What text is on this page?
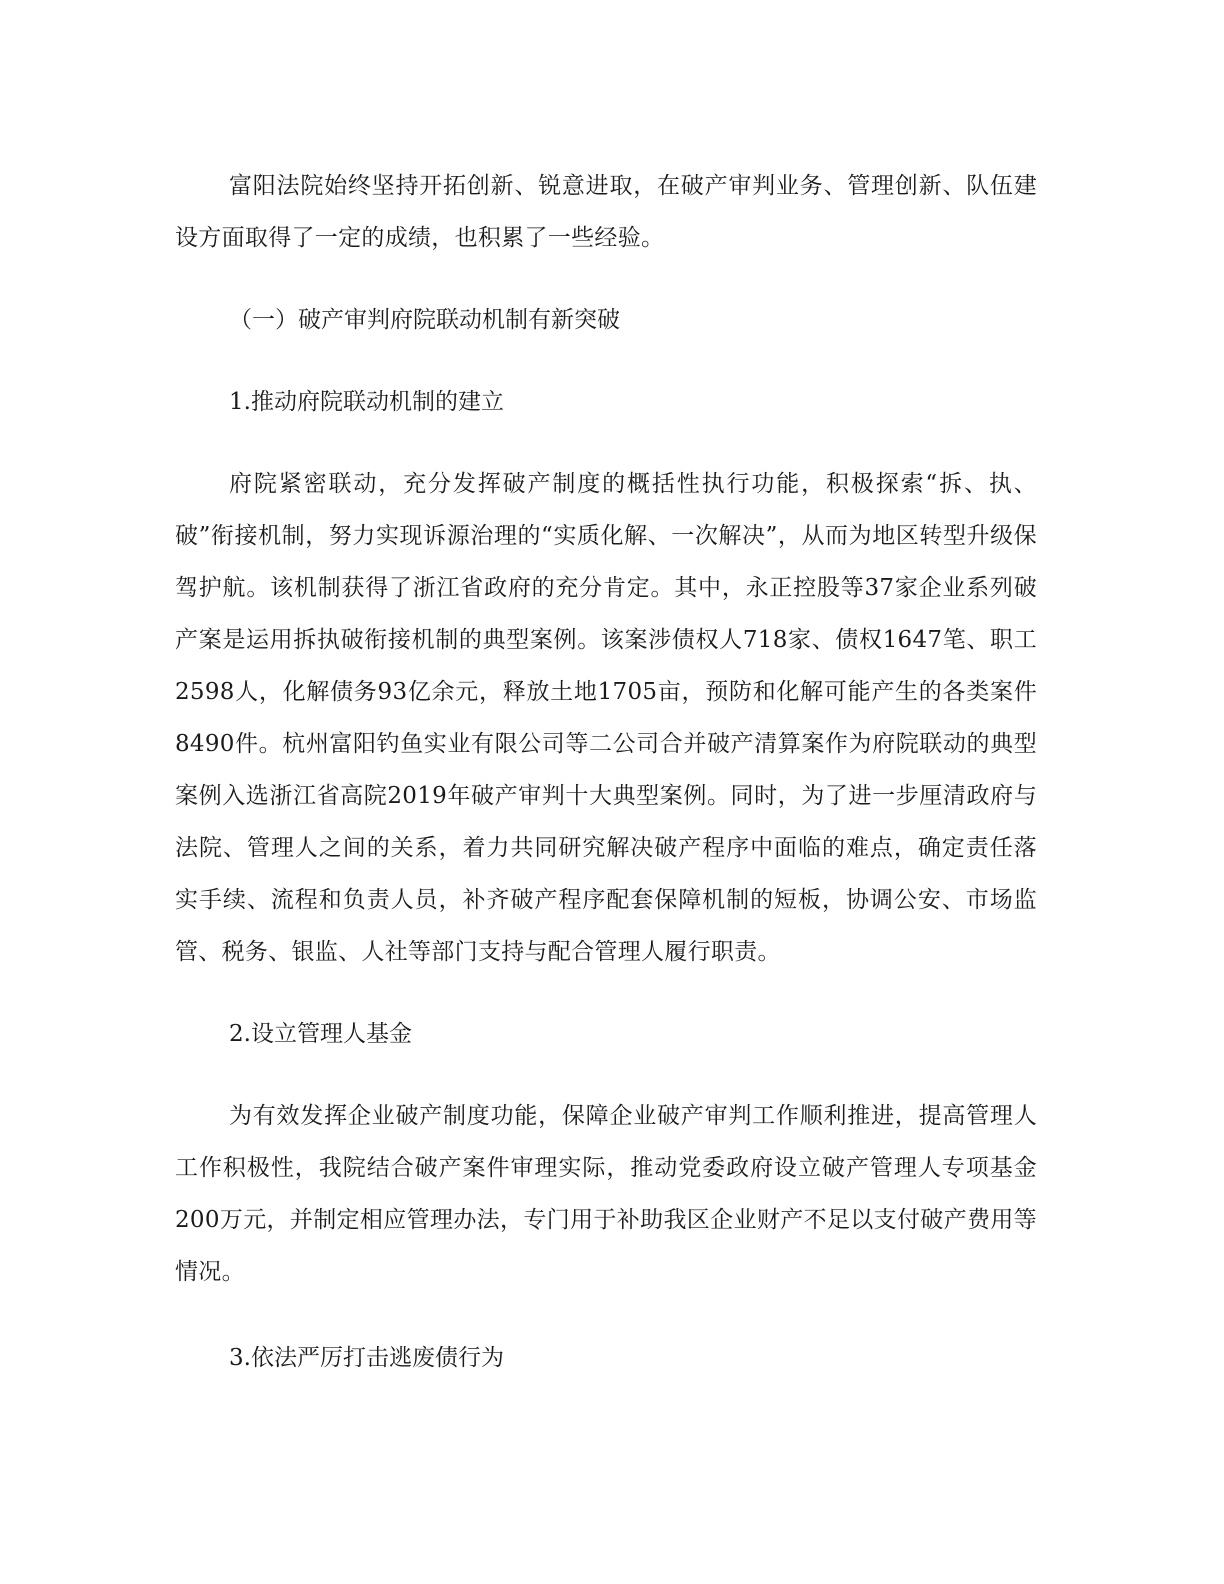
富阳法院始终坚持开拓创新、锐意进取，在破产审判业务、管理创新、队伍建设方面取得了一定的成绩，也积累了一些经验。

（一）破产审判府院联动机制有新突破

1.推动府院联动机制的建立

府院紧密联动，充分发挥破产制度的概括性执行功能，积极探索“拆、执、破”衔接机制，努力实现诉源治理的“实质化解、一次解决”，从而为地区转型升级保驾护航。该机制获得了浙江省政府的充分肯定。其中，永正控股等37家企业系列破产案是运用拆执破衔接机制的典型案例。该案涉债权人718家、债权1647笔、职工2598人，化解债务93亿余元，释放土地1705亩，预防和化解可能产生的各类案件8490件。杭州富阳钓鱼实业有限公司等二公司合并破产清算案作为府院联动的典型案例入选浙江省高院2019年破产审判十大典型案例。同时，为了进一步厘清政府与法院、管理人之间的关系，着力共同研究解决破产程序中面临的难点，确定责任落实手续、流程和负责人员，补齐破产程序配套保障机制的短板，协调公安、市场监管、税务、银监、人社等部门支持与配合管理人履行职责。

2.设立管理人基金

为有效发挥企业破产制度功能，保障企业破产审判工作顺利推进，提高管理人工作积极性，我院结合破产案件审理实际，推动党委政府设立破产管理人专项基金200万元，并制定相应管理办法，专门用于补助我区企业财产不足以支付破产费用等情况。

3.依法严厉打击逃废债行为
